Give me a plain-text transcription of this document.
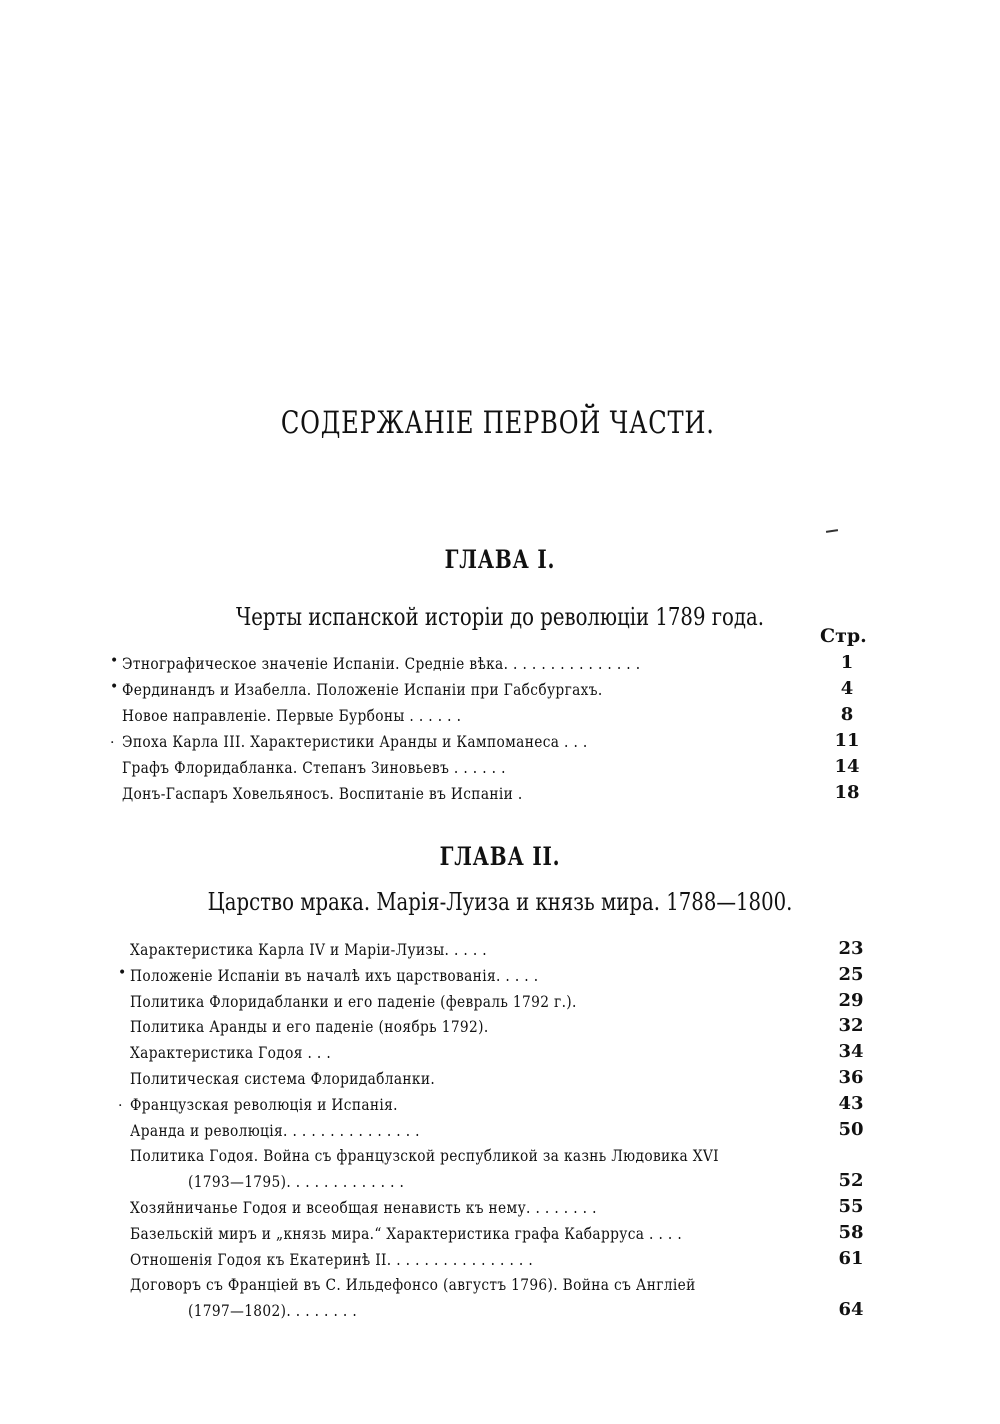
СОДЕРЖАНІЕ ПЕРВОЙ ЧАСТИ.
ГЛАВА I.
Черты испанской исторіи до революціи 1789 года.
Стр.
• Этнографическое значеніе Испаніи. Средніе вѣка. . . . . . . . . . . . . . .	1
• Фердинандъ и Изабелла. Положеніе Испаніи при Габсбургахъ.	4
Новое направленіе. Первые Бурбоны . . . . . .	8
. Эпоха Карла III. Характеристики Аранды и Кампоманеса . . .	11
Графъ Флоридабланка. Степанъ Зиновьевъ . . . . . .	14
Донъ-Гаспаръ Ховельяносъ. Воспитаніе въ Испаніи .	18
ГЛАВА II.
Царство мрака. Марія-Луиза и князь мира. 1788—1800.
Характеристика Карла IV и Маріи-Луизы. . . . .	23
• Положеніе Испаніи въ началѣ ихъ царствованія. . . . .	25
Политика Флоридабланки и его паденіе (февраль 1792 г.).	29
Политика Аранды и его паденіе (ноябрь 1792).	32
Характеристика Годоя . . .	34
Политическая система Флоридабланки.	36
. Французская революція и Испанія.	43
Аранда и революція. . . . . . . . . . . . . . .	50
Политика Годоя. Война съ французской республикой за казнь Людовика XVI
(1793—1795). . . . . . . . . . . . .	52
Хозяйничанье Годоя и всеобщая ненависть къ нему. . . . . . . .	55
Базельскій миръ и „князь мира.“ Характеристика графа Кабарруса . . . .	58
Отношенія Годоя къ Екатеринѣ II. . . . . . . . . . . . . . . .	61
Договоръ съ Франціей въ С. Ильдефонсо (августъ 1796). Война съ Англіей
(1797—1802). . . . . . . .	64
